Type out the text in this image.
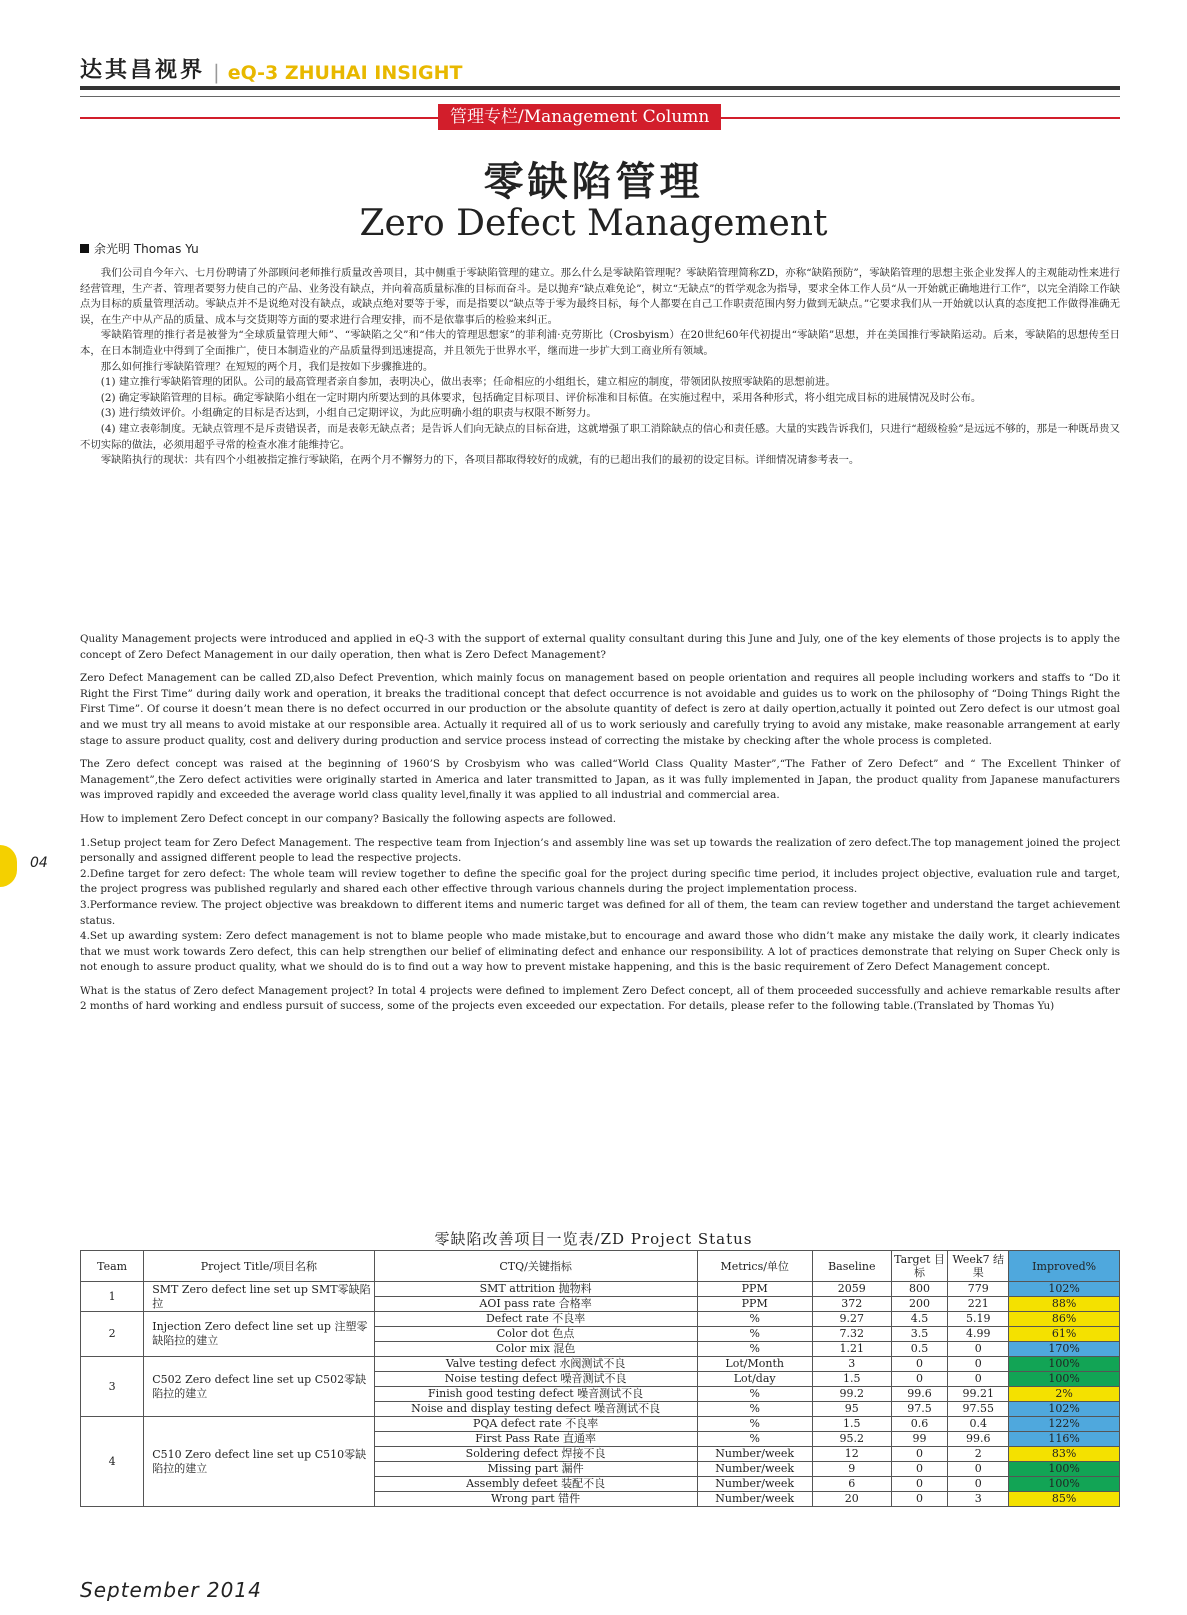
达其昌视界 | eQ-3 ZHUHAI INSIGHT
管理专栏/Management Column
零缺陷管理
Zero Defect Management
余光明 Thomas Yu

我们公司自今年六、七月份聘请了外部顾问老师推行质量改善项目，其中侧重于零缺陷管理的建立。那么什么是零缺陷管理呢？零缺陷管理简称ZD，亦称“缺陷预防”，零缺陷管理的思想主张企业发挥人的主观能动性来进行经营管理，生产者、管理者要努力使自己的产品、业务没有缺点，并向着高质量标准的目标而奋斗。是以抛弃“缺点难免论”，树立“无缺点”的哲学观念为指导，要求全体工作人员“从一开始就正确地进行工作”，以完全消除工作缺点为目标的质量管理活动。零缺点并不是说绝对没有缺点，或缺点绝对要等于零，而是指要以“缺点等于零为最终目标，每个人都要在自己工作职责范围内努力做到无缺点。”它要求我们从一开始就以认真的态度把工作做得准确无误，在生产中从产品的质量、成本与交货期等方面的要求进行合理安排，而不是依靠事后的检验来纠正。

零缺陷管理的推行者是被誉为“全球质量管理大师”、“零缺陷之父”和“伟大的管理思想家”的菲利浦·克劳斯比（Crosbyism）在20世纪60年代初提出“零缺陷”思想，并在美国推行零缺陷运动。后来，零缺陷的思想传至日本，在日本制造业中得到了全面推广，使日本制造业的产品质量得到迅速提高，并且领先于世界水平，继而进一步扩大到工商业所有领域。

那么如何推行零缺陷管理？在短短的两个月，我们是按如下步骤推进的。

(1) 建立推行零缺陷管理的团队。公司的最高管理者亲自参加，表明决心，做出表率；任命相应的小组组长，建立相应的制度，带领团队按照零缺陷的思想前进。

(2) 确定零缺陷管理的目标。确定零缺陷小组在一定时期内所要达到的具体要求，包括确定目标项目、评价标准和目标值。在实施过程中，采用各种形式，将小组完成目标的进展情况及时公布。

(3) 进行绩效评价。小组确定的目标是否达到，小组自己定期评议，为此应明确小组的职责与权限不断努力。

(4) 建立表彰制度。无缺点管理不是斥责错误者，而是表彰无缺点者；是告诉人们向无缺点的目标奋进，这就增强了职工消除缺点的信心和责任感。大量的实践告诉我们，只进行“超级检验”是远远不够的，那是一种既昂贵又不切实际的做法，必须用超乎寻常的检查水准才能维持它。

零缺陷执行的现状：共有四个小组被指定推行零缺陷，在两个月不懈努力的下，各项目都取得较好的成就，有的已超出我们的最初的设定目标。详细情况请参考表一。

Quality Management projects were introduced and applied in eQ-3 with the support of external quality consultant during this June and July, one of the key elements of those projects is to apply the concept of Zero Defect Management in our daily operation, then what is Zero Defect Management?

Zero Defect Management can be called ZD,also Defect Prevention, which mainly focus on management based on people orientation and requires all people including workers and staffs to “Do it Right the First Time” during daily work and operation, it breaks the traditional concept that defect occurrence is not avoidable and guides us to work on the philosophy of “Doing Things Right the First Time”. Of course it doesn’t mean there is no defect occurred in our production or the absolute quantity of defect is zero at daily opertion,actually it pointed out Zero defect is our utmost goal and we must try all means to avoid mistake at our responsible area. Actually it required all of us to work seriously and carefully trying to avoid any mistake, make reasonable arrangement at early stage to assure product quality, cost and delivery during production and service process instead of correcting the mistake by checking after the whole process is completed.

The Zero defect concept was raised at the beginning of 1960’S by Crosbyism who was called“World Class Quality Master”,“The Father of Zero Defect” and “ The Excellent Thinker of Management”,the Zero defect activities were originally started in America and later transmitted to Japan, as it was fully implemented in Japan, the product quality from Japanese manufacturers was improved rapidly and exceeded the average world class quality level,finally it was applied to all industrial and commercial area.

How to implement Zero Defect concept in our company? Basically the following aspects are followed.

1.Setup project team for Zero Defect Management. The respective team from Injection’s and assembly line was set up towards the realization of zero defect.The top management joined the project personally and assigned different people to lead the respective projects.

2.Define target for zero defect: The whole team will review together to define the specific goal for the project during specific time period, it includes project objective, evaluation rule and target, the project progress was published regularly and shared each other effective through various channels during the project implementation process.

3.Performance review. The project objective was breakdown to different items and numeric target was defined for all of them, the team can review together and understand the target achievement status.

4.Set up awarding system: Zero defect management is not to blame people who made mistake,but to encourage and award those who didn’t make any mistake the daily work, it clearly indicates that we must work towards Zero defect, this can help strengthen our belief of eliminating defect and enhance our responsibility. A lot of practices demonstrate that relying on Super Check only is not enough to assure product quality, what we should do is to find out a way how to prevent mistake happening, and this is the basic requirement of Zero Defect Management concept.

What is the status of Zero defect Management project? In total 4 projects were defined to implement Zero Defect concept, all of them proceeded successfully and achieve remarkable results after 2 months of hard working and endless pursuit of success, some of the projects even exceeded our expectation. For details, please refer to the following table.(Translated by Thomas Yu)

04
零缺陷改善项目一览表/ZD Project Status
Team	Project Title/项目名称	CTQ/关键指标	Metrics/单位	Baseline	Target 目标	Week7 结果	Improved%
1	SMT Zero defect line set up SMT零缺陷拉	SMT attrition 抛物料	PPM	2059	800	779	102%
		AOI pass rate 合格率	PPM	372	200	221	88%
2	Injection Zero defect line set up 注塑零缺陷拉的建立	Defect rate 不良率	%	9.27	4.5	5.19	86%
		Color dot 色点	%	7.32	3.5	4.99	61%
		Color mix 混色	%	1.21	0.5	0	170%
3	C502 Zero defect line set up C502零缺陷拉的建立	Valve testing defect 水阀测试不良	Lot/Month	3	0	0	100%
		Noise testing defect 噪音测试不良	Lot/day	1.5	0	0	100%
		Finish good testing defect 噪音测试不良	%	99.2	99.6	99.21	2%
		Noise and display testing defect 噪音测试不良	%	95	97.5	97.55	102%
4	C510 Zero defect line set up C510零缺陷拉的建立	PQA defect rate 不良率	%	1.5	0.6	0.4	122%
		First Pass Rate 直通率	%	95.2	99	99.6	116%
		Soldering defect 焊接不良	Number/week	12	0	2	83%
		Missing part 漏件	Number/week	9	0	0	100%
		Assembly defeet 装配不良	Number/week	6	0	0	100%
		Wrong part 错件	Number/week	20	0	3	85%
September 2014
